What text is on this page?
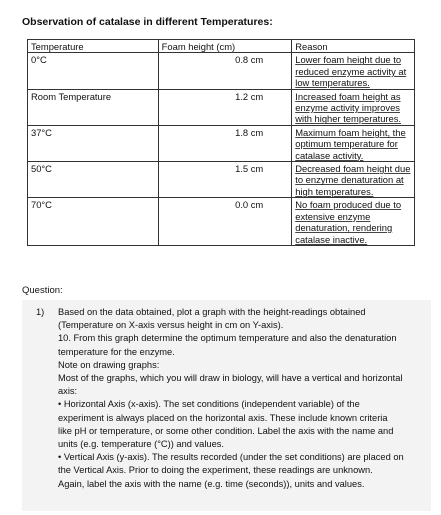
Observation of catalase in different Temperatures:
Temperature	Foam height (cm)	Reason
0°C	0.8 cm	Lower foam height due to
reduced enzyme activity at
low temperatures.

Room Temperature	1.2 cm	Increased foam height as
enzyme activity improves
with higher temperatures.

37°C	1.8 cm	Maximum foam height, the
optimum temperature for
catalase activity.

50°C	1.5 cm	Decreased foam height due
to enzyme denaturation at
high temperatures.

70°C	0.0 cm	No foam produced due to
extensive enzyme
denaturation, rendering
catalase inactive.
Question:
1) Based on the data obtained, plot a graph with the height-readings obtained

(Temperature on X-axis versus height in cm on Y-axis).

10. From this graph determine the optimum temperature and also the denaturation

temperature for the enzyme.

Note on drawing graphs:

Most of the graphs, which you will draw in biology, will have a vertical and horizontal

axis:

• Horizontal Axis (x-axis). The set conditions (independent variable) of the

experiment is always placed on the horizontal axis. These include known criteria

like pH or temperature, or some other condition. Label the axis with the name and

units (e.g. temperature (°C)) and values.

• Vertical Axis (y-axis). The results recorded (under the set conditions) are placed on

the Vertical Axis. Prior to doing the experiment, these readings are unknown.

Again, label the axis with the name (e.g. time (seconds)), units and values.
